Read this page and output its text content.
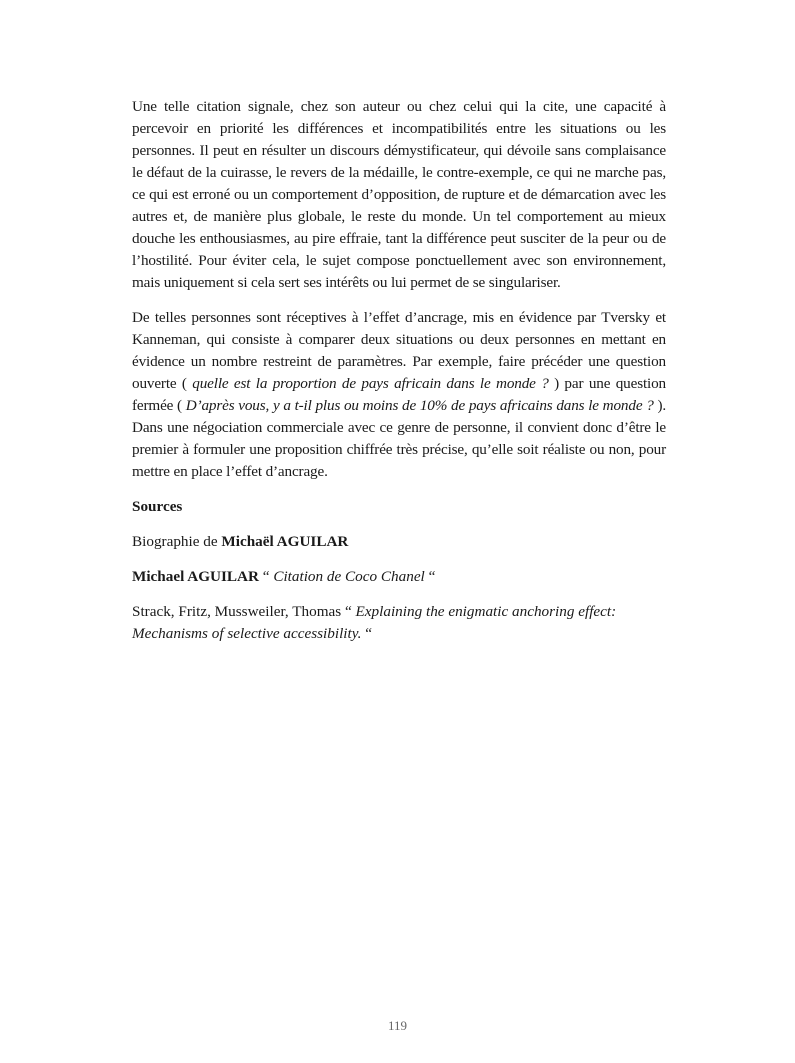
Une telle citation signale, chez son auteur ou chez celui qui la cite, une capacité à percevoir en priorité les différences et incompatibilités entre les situations ou les personnes. Il peut en résulter un discours démystificateur, qui dévoile sans complaisance le défaut de la cuirasse, le revers de la médaille, le contre-exemple, ce qui ne marche pas, ce qui est erroné ou un comportement d’opposition, de rupture et de démarcation avec les autres et, de manière plus globale, le reste du monde. Un tel comportement au mieux douche les enthousiasmes, au pire effraie, tant la différence peut susciter de la peur ou de l’hostilité. Pour éviter cela, le sujet compose ponctuellement avec son environnement, mais uniquement si cela sert ses intérêts ou lui permet de se singulariser.

De telles personnes sont réceptives à l’effet d’ancrage, mis en évidence par Tversky et Kanneman, qui consiste à comparer deux situations ou deux personnes en mettant en évidence un nombre restreint de paramètres. Par exemple, faire précéder une question ouverte ( quelle est la proportion de pays africain dans le monde ? ) par une question fermée ( D’après vous, y a t-il plus ou moins de 10% de pays africains dans le monde ? ). Dans une négociation commerciale avec ce genre de personne, il convient donc d’être le premier à formuler une proposition chiffrée très précise, qu’elle soit réaliste ou non, pour mettre en place l’effet d’ancrage.

Sources

Biographie de Michaël AGUILAR

Michael AGUILAR “ Citation de Coco Chanel “

Strack, Fritz, Mussweiler, Thomas “ Explaining the enigmatic anchoring effect: Mechanisms of selective accessibility. “

119
